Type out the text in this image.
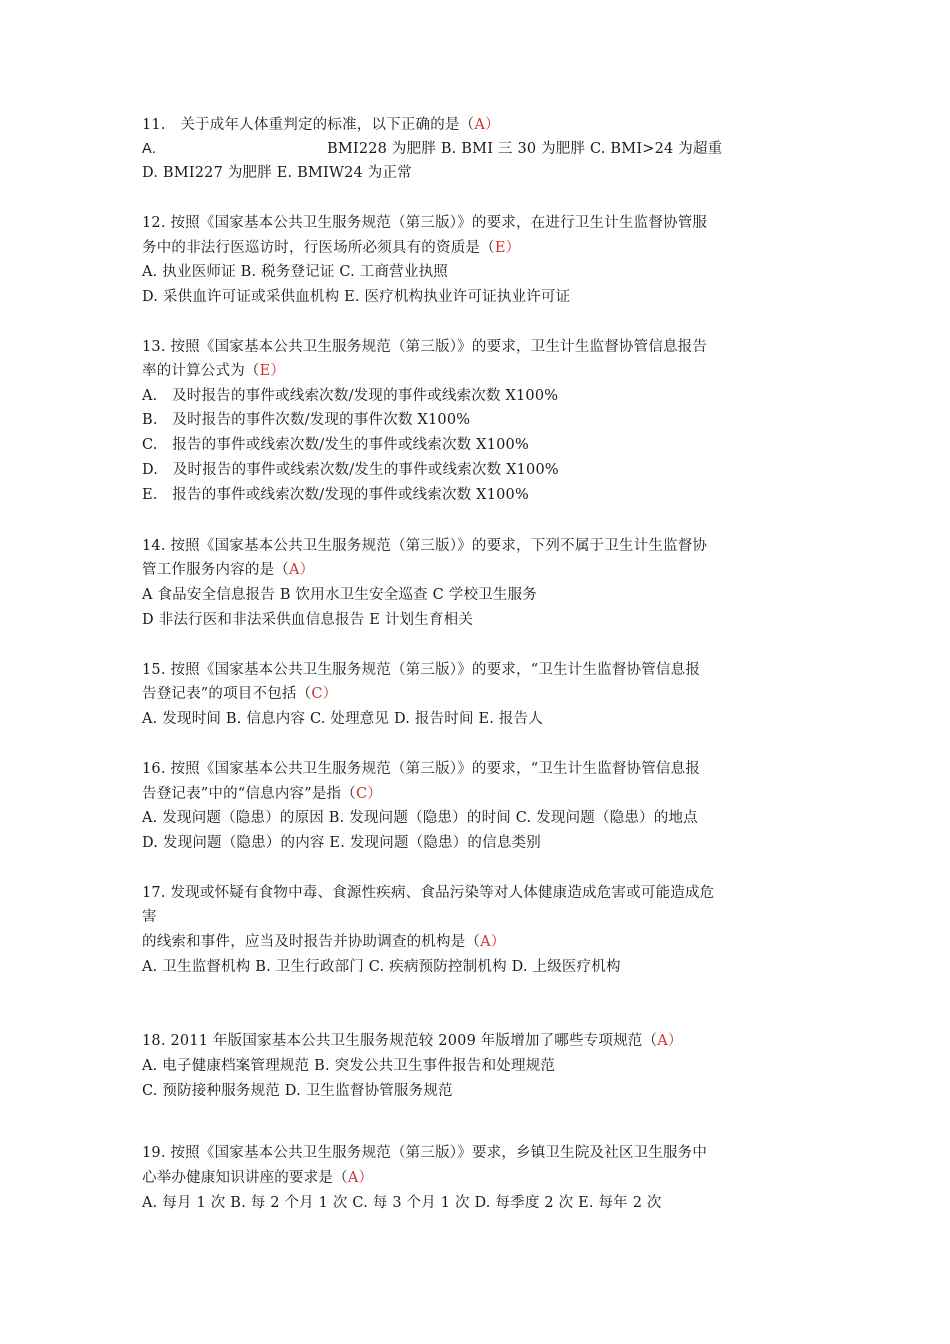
11.　关于成年人体重判定的标准，以下正确的是（A）
A.	BMI228 为肥胖 B. BMI 三 30 为肥胖 C. BMI>24 为超重
D. BMI227 为肥胖 E. BMIW24 为正常
12. 按照《国家基本公共卫生服务规范（第三版）》的要求，在进行卫生计生监督协管服
务中的非法行医巡访时，行医场所必须具有的资质是（E）
A. 执业医师证 B. 税务登记证 C. 工商营业执照
D. 采供血许可证或采供血机构 E. 医疗机构执业许可证执业许可证
13. 按照《国家基本公共卫生服务规范（第三版）》的要求，卫生计生监督协管信息报告
率的计算公式为（E）
A.　及时报告的事件或线索次数/发现的事件或线索次数 X100%
B.　及时报告的事件次数/发现的事件次数 X100%
C.　报告的事件或线索次数/发生的事件或线索次数 X100%
D.　及时报告的事件或线索次数/发生的事件或线索次数 X100%
E.　报告的事件或线索次数/发现的事件或线索次数 X100%
14. 按照《国家基本公共卫生服务规范（第三版）》的要求，下列不属于卫生计生监督协
管工作服务内容的是（A）
A 食品安全信息报告 B 饮用水卫生安全巡查 C 学校卫生服务
D 非法行医和非法采供血信息报告 E 计划生育相关
15. 按照《国家基本公共卫生服务规范（第三版）》的要求，“卫生计生监督协管信息报
告登记表”的项目不包括（C）
A. 发现时间 B. 信息内容 C. 处理意见 D. 报告时间 E. 报告人
16. 按照《国家基本公共卫生服务规范（第三版）》的要求，“卫生计生监督协管信息报
告登记表”中的“信息内容”是指（C）
A. 发现问题（隐患）的原因 B. 发现问题（隐患）的时间 C. 发现问题（隐患）的地点
D. 发现问题（隐患）的内容 E. 发现问题（隐患）的信息类别
17. 发现或怀疑有食物中毒、食源性疾病、食品污染等对人体健康造成危害或可能造成危
害
的线索和事件，应当及时报告并协助调查的机构是（A）
A. 卫生监督机构 B. 卫生行政部门 C. 疾病预防控制机构 D. 上级医疗机构
18. 2011 年版国家基本公共卫生服务规范较 2009 年版增加了哪些专项规范（A）
A. 电子健康档案管理规范 B. 突发公共卫生事件报告和处理规范
C. 预防接种服务规范 D. 卫生监督协管服务规范
19. 按照《国家基本公共卫生服务规范（第三版）》要求，乡镇卫生院及社区卫生服务中
心举办健康知识讲座的要求是（A）
A. 每月 1 次 B. 每 2 个月 1 次 C. 每 3 个月 1 次 D. 每季度 2 次 E. 每年 2 次
